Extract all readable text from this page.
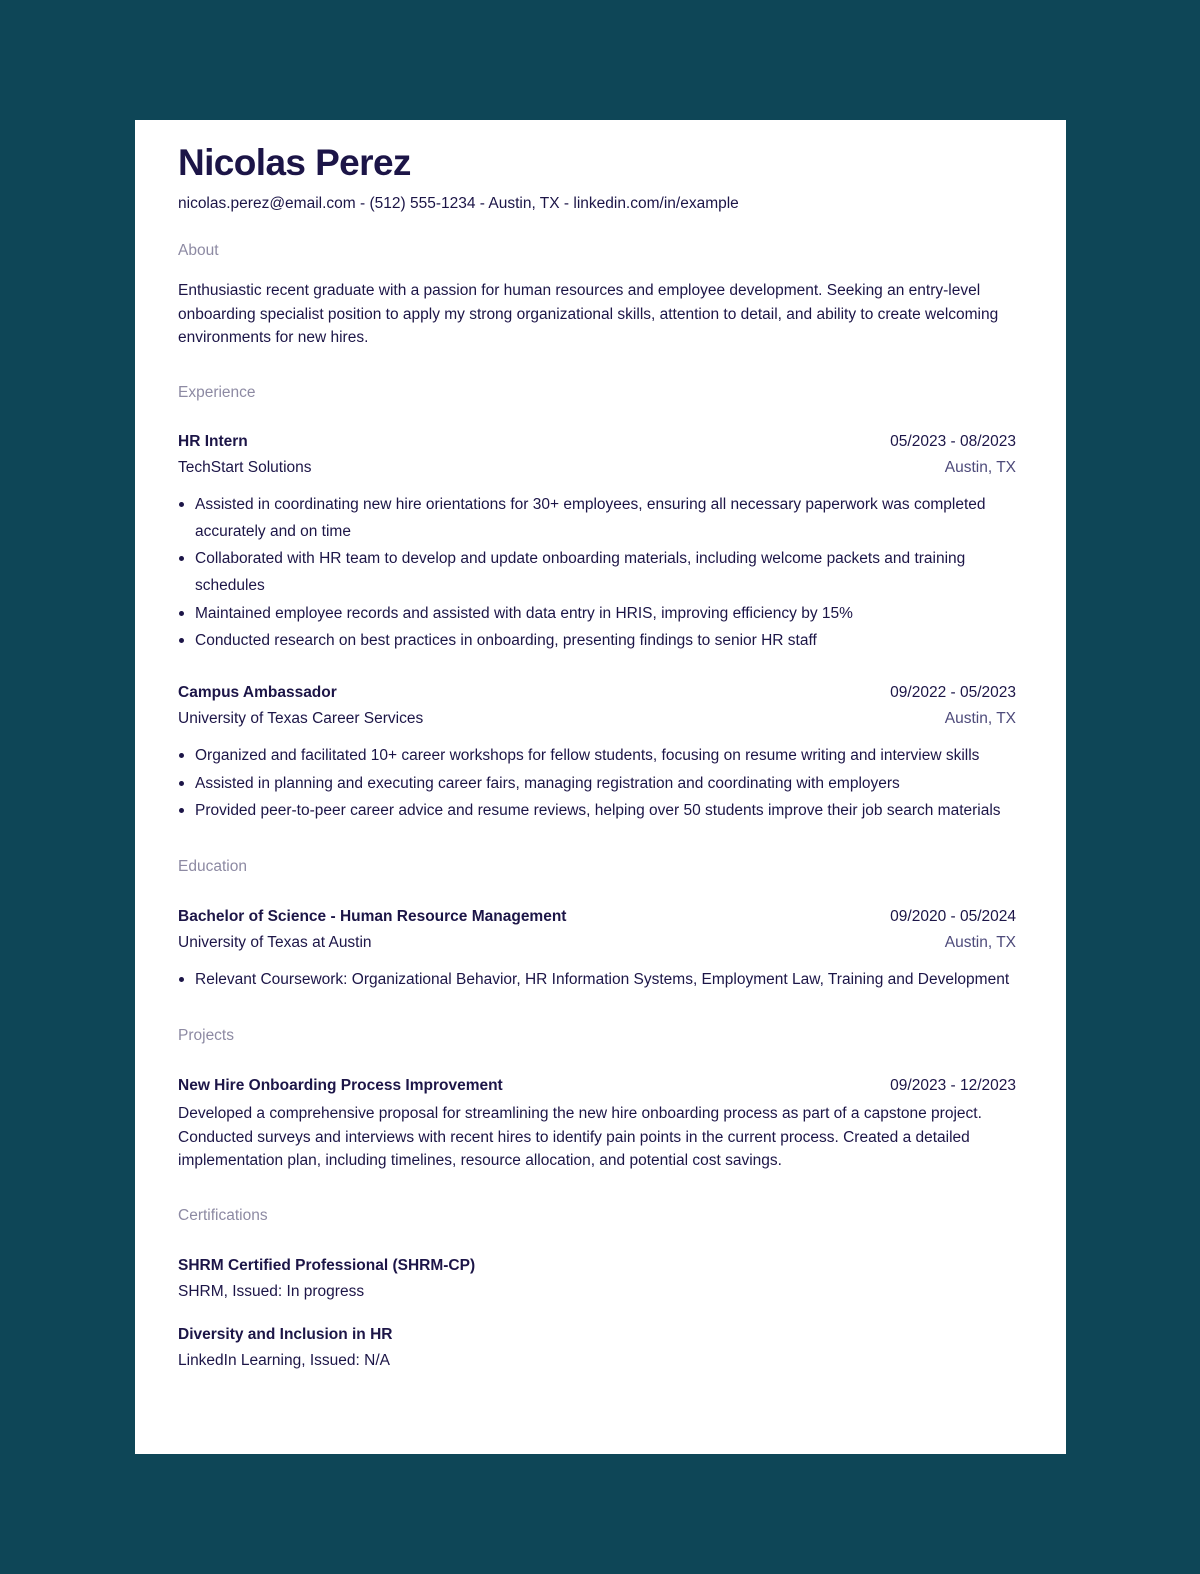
Nicolas Perez
nicolas.perez@email.com - (512) 555-1234 - Austin, TX - linkedin.com/in/example
About
Enthusiastic recent graduate with a passion for human resources and employee development. Seeking an entry-level onboarding specialist position to apply my strong organizational skills, attention to detail, and ability to create welcoming environments for new hires.
Experience
HR Intern	05/2023 - 08/2023
TechStart Solutions	Austin, TX
Assisted in coordinating new hire orientations for 30+ employees, ensuring all necessary paperwork was completed accurately and on time
Collaborated with HR team to develop and update onboarding materials, including welcome packets and training schedules
Maintained employee records and assisted with data entry in HRIS, improving efficiency by 15%
Conducted research on best practices in onboarding, presenting findings to senior HR staff
Campus Ambassador	09/2022 - 05/2023
University of Texas Career Services	Austin, TX
Organized and facilitated 10+ career workshops for fellow students, focusing on resume writing and interview skills
Assisted in planning and executing career fairs, managing registration and coordinating with employers
Provided peer-to-peer career advice and resume reviews, helping over 50 students improve their job search materials
Education
Bachelor of Science - Human Resource Management	09/2020 - 05/2024
University of Texas at Austin	Austin, TX
Relevant Coursework: Organizational Behavior, HR Information Systems, Employment Law, Training and Development
Projects
New Hire Onboarding Process Improvement	09/2023 - 12/2023
Developed a comprehensive proposal for streamlining the new hire onboarding process as part of a capstone project. Conducted surveys and interviews with recent hires to identify pain points in the current process. Created a detailed implementation plan, including timelines, resource allocation, and potential cost savings.
Certifications
SHRM Certified Professional (SHRM-CP)
SHRM, Issued: In progress
Diversity and Inclusion in HR
LinkedIn Learning, Issued: N/A
